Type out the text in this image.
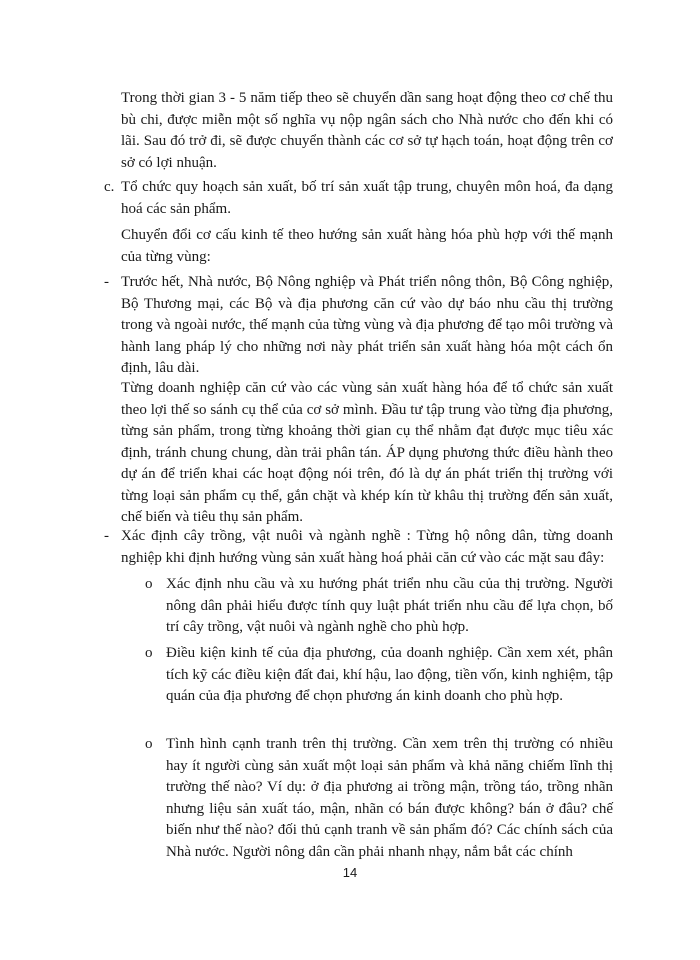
Trong thời gian 3 - 5 năm tiếp theo sẽ chuyển dần sang hoạt động theo cơ chế thu bù chi, được miễn một số nghĩa vụ nộp ngân sách cho Nhà nước cho đến khi có lãi. Sau đó trở đi, sẽ được chuyển thành các cơ sở tự hạch toán, hoạt động trên cơ sở có lợi nhuận.

c. Tổ chức quy hoạch sản xuất, bố trí sản xuất tập trung, chuyên môn hoá, đa dạng hoá các sản phẩm.

Chuyển đổi cơ cấu kinh tế theo hướng sản xuất hàng hóa phù hợp với thế mạnh của từng vùng:

- Trước hết, Nhà nước, Bộ Nông nghiệp và Phát triển nông thôn, Bộ Công nghiệp, Bộ Thương mại, các Bộ và địa phương căn cứ vào dự báo nhu cầu thị trường trong và ngoài nước, thế mạnh của từng vùng và địa phương để tạo môi trường và hành lang pháp lý cho những nơi này phát triển sản xuất hàng hóa một cách ổn định, lâu dài.

Từng doanh nghiệp căn cứ vào các vùng sản xuất hàng hóa để tổ chức sản xuất theo lợi thế so sánh cụ thể của cơ sở mình. Đầu tư tập trung vào từng địa phương, từng sản phẩm, trong từng khoảng thời gian cụ thể nhằm đạt được mục tiêu xác định, tránh chung chung, dàn trải phân tán. ÁP dụng phương thức điều hành theo dự án để triển khai các hoạt động nói trên, đó là dự án phát triển thị trường với từng loại sản phẩm cụ thể, gắn chặt và khép kín từ khâu thị trường đến sản xuất, chế biến và tiêu thụ sản phẩm.

- Xác định cây trồng, vật nuôi và ngành nghề : Từng hộ nông dân, từng doanh nghiệp khi định hướng vùng sản xuất hàng hoá phải căn cứ vào các mặt sau đây:

o Xác định nhu cầu và xu hướng phát triển nhu cầu của thị trường. Người nông dân phải hiểu được tính quy luật phát triển nhu cầu để lựa chọn, bố trí cây trồng, vật nuôi và ngành nghề cho phù hợp.

o Điều kiện kinh tế của địa phương, của doanh nghiệp. Cần xem xét, phân tích kỹ các điều kiện đất đai, khí hậu, lao động, tiền vốn, kinh nghiệm, tập quán của địa phương để chọn phương án kinh doanh cho phù hợp.

o Tình hình cạnh tranh trên thị trường. Cần xem trên thị trường có nhiều hay ít người cùng sản xuất một loại sản phẩm và khả năng chiếm lĩnh thị trường thế nào? Ví dụ: ở địa phương ai trồng mận, trồng táo, trồng nhãn nhưng liệu sản xuất táo, mận, nhãn có bán được không? bán ở đâu? chế biến như thế nào? đối thủ cạnh tranh về sản phẩm đó? Các chính sách của Nhà nước. Người nông dân cần phải nhanh nhạy, nắm bắt các chính

14
